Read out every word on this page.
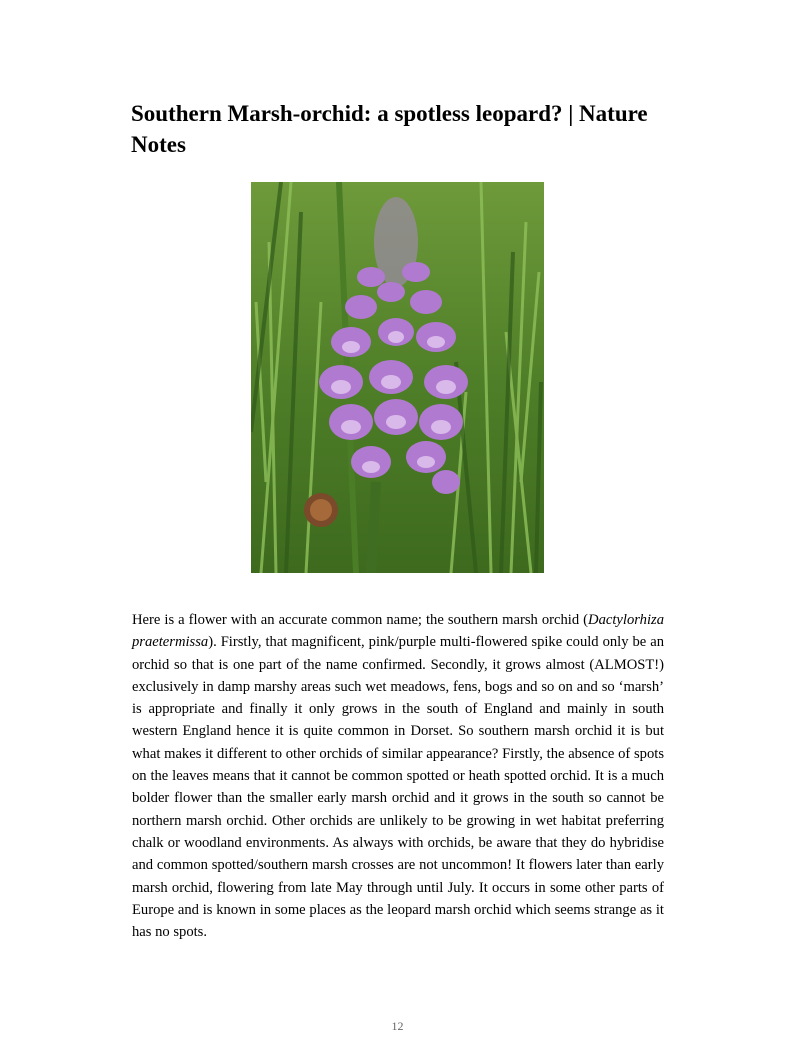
Southern Marsh-orchid: a spotless leopard? | Nature Notes

Here is a flower with an accurate common name; the southern marsh orchid (Dactylorhiza praetermissa). Firstly, that magnificent, pink/purple multi-flowered spike could only be an orchid so that is one part of the name confirmed. Secondly, it grows almost (ALMOST!) exclusively in damp marshy areas such wet meadows, fens, bogs and so on and so ‘marsh’ is appropriate and finally it only grows in the south of England and mainly in south western England hence it is quite common in Dorset. So southern marsh orchid it is but what makes it different to other orchids of similar appearance? Firstly, the absence of spots on the leaves means that it cannot be common spotted or heath spotted orchid. It is a much bolder flower than the smaller early marsh orchid and it grows in the south so cannot be northern marsh orchid. Other orchids are unlikely to be growing in wet habitat preferring chalk or woodland environments. As always with orchids, be aware that they do hybridise and common spotted/southern marsh crosses are not uncommon! It flowers later than early marsh orchid, flowering from late May through until July. It occurs in some other parts of Europe and is known in some places as the leopard marsh orchid which seems strange as it has no spots.

12
